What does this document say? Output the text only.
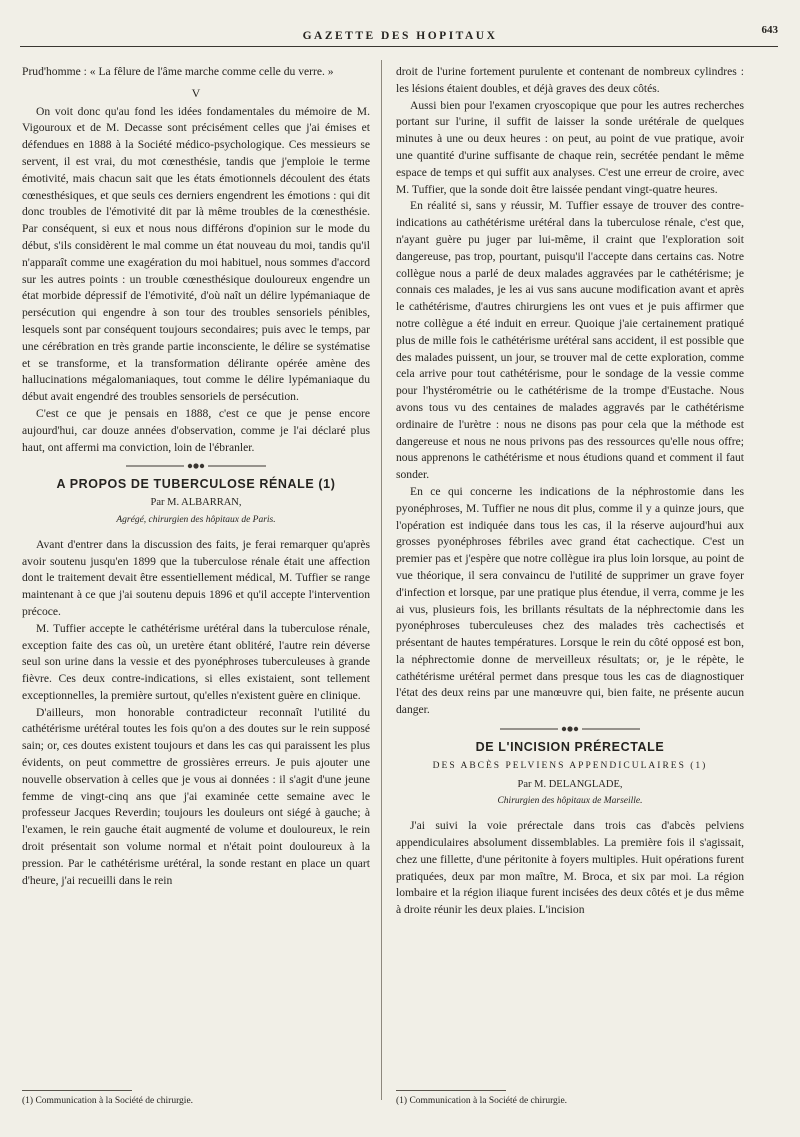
GAZETTE DES HOPITAUX	643

Prud'homme : « La fêlure de l'âme marche comme celle du verre. »

V

On voit donc qu'au fond les idées fondamentales du mémoire de M. Vigouroux et de M. Decasse sont précisément celles que j'ai émises et défendues en 1888 à la Société médico-psychologique. Ces messieurs se servent, il est vrai, du mot cœnesthésie, tandis que j'emploie le terme émotivité, mais chacun sait que les états émotionnels découlent des états cœnesthésiques, et que seuls ces derniers engendrent les émotions : qui dit donc troubles de l'émotivité dit par là même troubles de la cœnesthésie. Par conséquent, si eux et nous nous différons d'opinion sur le mode du début, s'ils considèrent le mal comme un état nouveau du moi, tandis qu'il n'apparaît comme une exagération du moi habituel, nous sommes d'accord sur les autres points : un trouble cœnesthésique douloureux engendre un état morbide dépressif de l'émotivité, d'où naît un délire lypémaniaque de persécution qui engendre à son tour des troubles sensoriels pénibles, lesquels sont par conséquent toujours secondaires; puis avec le temps, par une cérébration en très grande partie inconsciente, le délire se systématise et se transforme, et la transformation délirante opérée amène des hallucinations mégalomaniaques, tout comme le délire lypémaniaque du début avait engendré des troubles sensoriels de persécution.

C'est ce que je pensais en 1888, c'est ce que je pense encore aujourd'hui, car douze années d'observation, comme je l'ai déclaré plus haut, ont affermi ma conviction, loin de l'ébranler.

A PROPOS DE TUBERCULOSE RÉNALE (1)
Par M. ALBARRAN,
Agrégé, chirurgien des hôpitaux de Paris.

Avant d'entrer dans la discussion des faits, je ferai remarquer qu'après avoir soutenu jusqu'en 1899 que la tuberculose rénale était une affection dont le traitement devait être essentiellement médical, M. Tuffier se range maintenant à ce que j'ai soutenu depuis 1896 et qu'il accepte l'intervention précoce.

M. Tuffier accepte le cathétérisme urétéral dans la tuberculose rénale, exception faite des cas où, un uretère étant oblitéré, l'autre rein déverse seul son urine dans la vessie et des pyonéphroses tuberculeuses à grande fièvre. Ces deux contre-indications, si elles existaient, sont tellement exceptionnelles, la première surtout, qu'elles n'existent guère en clinique.

D'ailleurs, mon honorable contradicteur reconnaît l'utilité du cathétérisme urétéral toutes les fois qu'on a des doutes sur le rein supposé sain; or, ces doutes existent toujours et dans les cas qui paraissent les plus évidents, on peut commettre de grossières erreurs. Je puis ajouter une nouvelle observation à celles que je vous ai données : il s'agit d'une jeune femme de vingt-cinq ans que j'ai examinée cette semaine avec le professeur Jacques Reverdin; toujours les douleurs ont siégé à gauche; à l'examen, le rein gauche était augmenté de volume et douloureux, le rein droit présentait son volume normal et n'était point douloureux à la pression. Par le cathétérisme urétéral, la sonde restant en place un quart d'heure, j'ai recueilli dans le rein

(1) Communication à la Société de chirurgie.

droit de l'urine fortement purulente et contenant de nombreux cylindres : les lésions étaient doubles, et déjà graves des deux côtés.

Aussi bien pour l'examen cryoscopique que pour les autres recherches portant sur l'urine, il suffit de laisser la sonde urétérale de quelques minutes à une ou deux heures : on peut, au point de vue pratique, avoir une quantité d'urine suffisante de chaque rein, secrétée pendant le même espace de temps et qui suffit aux analyses. C'est une erreur de croire, avec M. Tuffier, que la sonde doit être laissée pendant vingt-quatre heures.

En réalité si, sans y réussir, M. Tuffier essaye de trouver des contre-indications au cathétérisme urétéral dans la tuberculose rénale, c'est que, n'ayant guère pu juger par lui-même, il craint que l'exploration soit dangereuse, pas trop, pourtant, puisqu'il l'accepte dans certains cas. Notre collègue nous a parlé de deux malades aggravées par le cathétérisme; je connais ces malades, je les ai vus sans aucune modification avant et après le cathétérisme, d'autres chirurgiens les ont vues et je puis affirmer que notre collègue a été induit en erreur. Quoique j'aie certainement pratiqué plus de mille fois le cathétérisme urétéral sans accident, il est possible que des malades puissent, un jour, se trouver mal de cette exploration, comme cela arrive pour tout cathétérisme, pour le sondage de la vessie comme pour l'hystérométrie ou le cathétérisme de la trompe d'Eustache. Nous avons tous vu des centaines de malades aggravés par le cathétérisme ordinaire de l'urètre : nous ne disons pas pour cela que la méthode est dangereuse et nous ne nous privons pas des ressources qu'elle nous offre; nous apprenons le cathétérisme et nous étudions quand et comment il faut sonder.

En ce qui concerne les indications de la néphrostomie dans les pyonéphroses, M. Tuffier ne nous dit plus, comme il y a quinze jours, que l'opération est indiquée dans tous les cas, il la réserve aujourd'hui aux grosses pyonéphroses fébriles avec grand état cachectique. C'est un premier pas et j'espère que notre collègue ira plus loin lorsque, au point de vue théorique, il sera convaincu de l'utilité de supprimer un grave foyer d'infection et lorsque, par une pratique plus étendue, il verra, comme je les ai vus, plusieurs fois, les brillants résultats de la néphrectomie dans les pyonéphroses tuberculeuses chez des malades très cachectisés et présentant de hautes températures. Lorsque le rein du côté opposé est bon, la néphrectomie donne de merveilleux résultats; or, je le répète, le cathétérisme urétéral permet dans presque tous les cas de diagnostiquer l'état des deux reins par une manœuvre qui, bien faite, ne présente aucun danger.

DE L'INCISION PRÉRECTALE
DES ABCÈS PELVIENS APPENDICULAIRES (1)
Par M. DELANGLADE,
Chirurgien des hôpitaux de Marseille.

J'ai suivi la voie prérectale dans trois cas d'abcès pelviens appendiculaires absolument dissemblables. La première fois il s'agissait, chez une fillette, d'une péritonite à foyers multiples. Huit opérations furent pratiquées, deux par mon maître, M. Broca, et six par moi. La région lombaire et la région iliaque furent incisées des deux côtés et je dus même à droite réunir les deux plaies. L'incision

(1) Communication à la Société de chirurgie.
